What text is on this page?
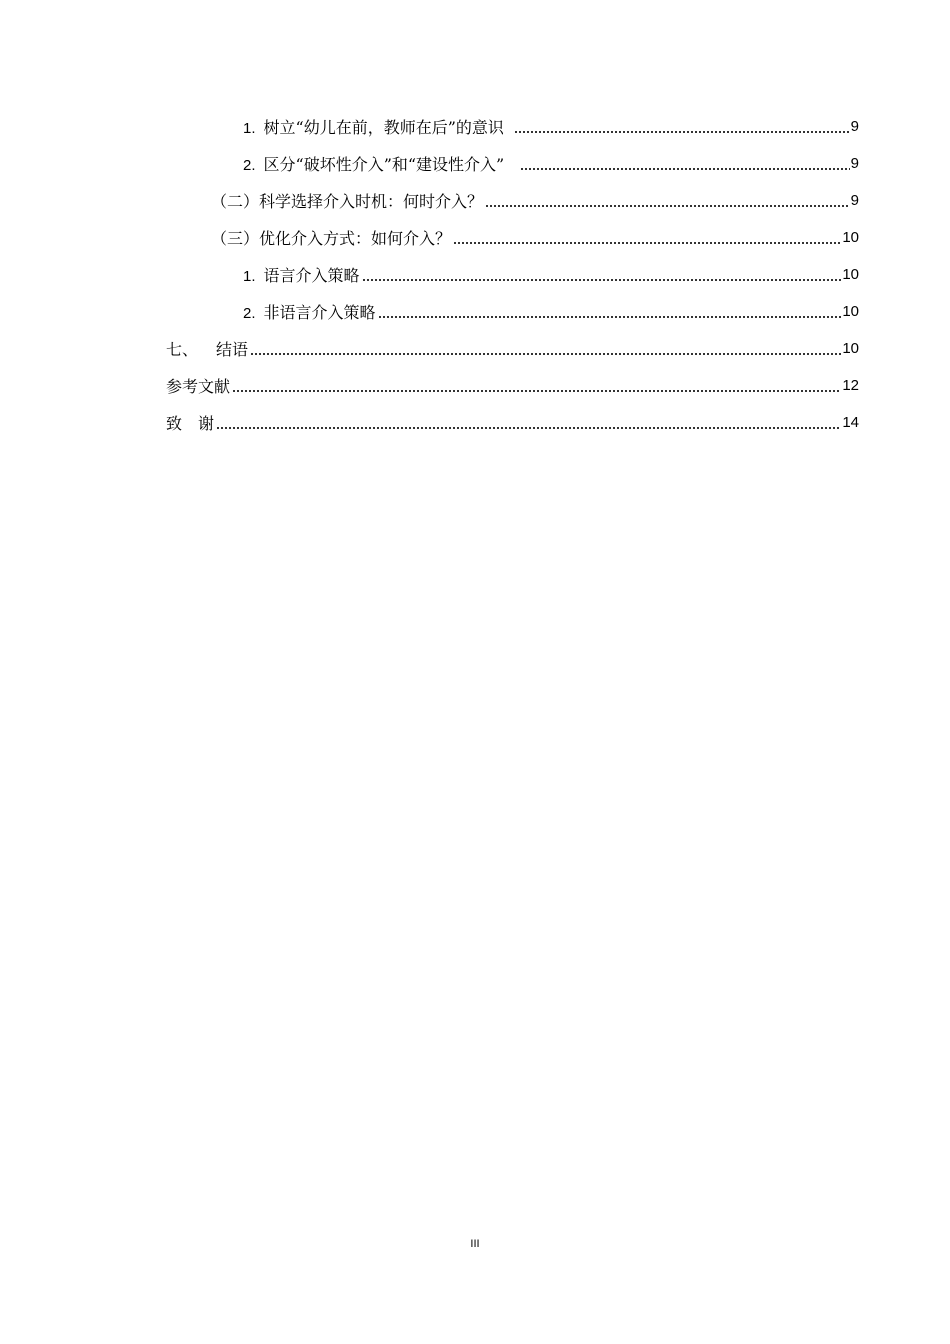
1. 树立“幼儿在前，教师在后”的意识	9
2. 区分“破坏性介入”和“建设性介入”	9
（二）科学选择介入时机：何时介入？	9
（三）优化介入方式：如何介入？	10
1. 语言介入策略	10
2. 非语言介入策略	10
七、 结语	10
参考文献	12
致　谢	14
III
